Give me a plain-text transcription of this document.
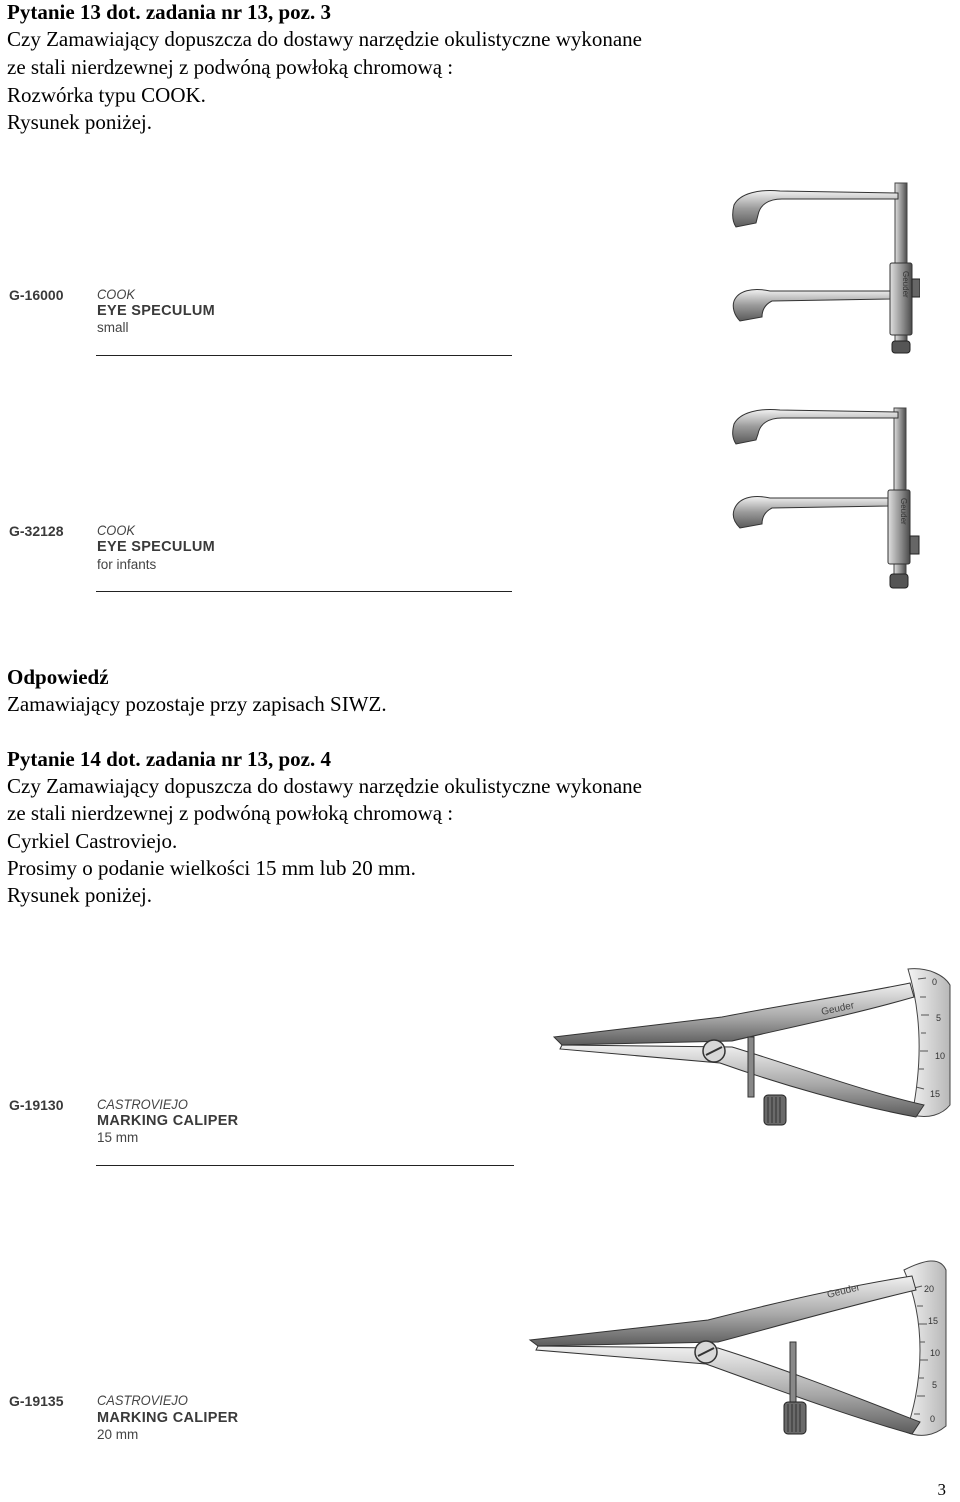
Pytanie 13 dot. zadania nr 13, poz. 3
Czy Zamawiający dopuszcza do dostawy narzędzie okulistyczne wykonane
ze stali nierdzewnej z podwóną powłoką chromową :
Rozwórka typu COOK.
Rysunek poniżej.
G-16000 COOK
EYE SPECULUM
small
Geuder
G-32128 COOK
EYE SPECULUM
for infants
Geuder
Odpowiedź
Zamawiający pozostaje przy zapisach SIWZ.
Pytanie 14 dot. zadania nr 13, poz. 4
Czy Zamawiający dopuszcza do dostawy narzędzie okulistyczne wykonane
ze stali nierdzewnej z podwóną powłoką chromową :
Cyrkiel Castroviejo.
Prosimy o podanie wielkości 15 mm lub 20 mm.
Rysunek poniżej.
G-19130 CASTROVIEJO
MARKING CALIPER
15 mm
0
5
10
15
Geuder
G-19135 CASTROVIEJO
MARKING CALIPER
20 mm
0
5
10
15
20
Geuder
3
